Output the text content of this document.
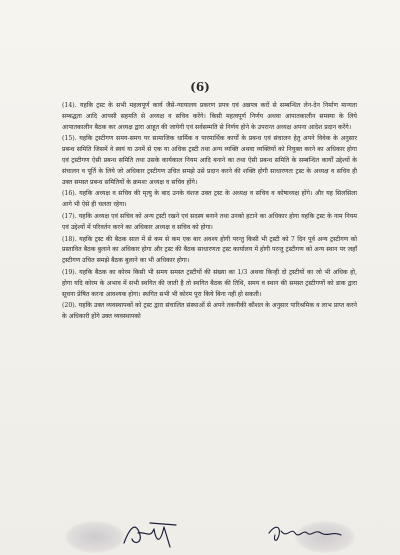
(6)

(14). यहकि ट्रस्ट के सभी महत्वपूर्ण कार्य जैसे-न्यायालय प्रकरण प्रपत्र एवं अन्नपत्र करों से सम्बन्धित लेन-देन निर्माण मान्यता सम्बद्धता आदि आपसी सहमति से अध्यक्ष व सचिव करेंगे। किसी महत्वपूर्ण निर्णय अथवा आपातकालीन समस्या के लिये आपातकालीन बैठक कर अध्यक्ष द्वारा आहूत की जायेगी एवं सर्वसम्मति से निर्णय होने के उपरान्त अध्यक्ष अपना आदेश प्रदान करेंगे।

(15). यहकि ट्रस्टीगण समय-समय पर सामाजिक धार्मिक व पारमार्थिक कार्यों के प्रबन्ध एवं संचालन हेतु अपने विवेक के अनुसार प्रबन्ध समिति जिसमें वे स्वयं या उनमें से एक या अधिक ट्रस्टी तथा अन्य व्यक्ति अथवा व्यक्तियों को नियुक्त करने का अधिकार होगा एवं ट्रस्टीगण ऐसी प्रबन्ध समिति तथा उसके कार्यकाल नियम आदि बनाने का तथा ऐसी प्रबन्ध समिति के सम्बन्धित कार्यों उद्देश्यों के संचालन व पूर्ति के लिये जो अधिकार ट्रस्टीगण उचित समझे उसे प्रदान करने की शक्ति होगी साधारणतः ट्रस्ट के अध्यक्ष व सचिव ही उक्त समस्त प्रबन्ध समितियों के क्रमशः अध्यक्ष व सचिव होंगे।

(16). यहकि अध्यक्ष व सचिव की मृत्यु के बाद उनके वंशज उक्त ट्रस्ट के अध्यक्ष व सचिव व कोषाध्यक्ष होंगे। और यह सिलसिला आगे भी ऐसे ही चलता रहेगा।

(17). यहकि अध्यक्ष एवं सचिव को अन्य ट्रस्टी रखने एवं सदस्य बनाने तथा उनको हटाने का अधिकार होगा यहकि ट्रस्ट के नाम नियम एवं उद्देश्यों में परिवर्तन करने का अधिकार अध्यक्ष व सचिव को होगा।

(18). यहकि ट्रस्ट की बैठक साल में से कम से कम एक बार अवश्य होगी परन्तु किसी भी ट्रस्टी को 7 दिन पूर्व अन्य ट्रस्टीगण को प्रस्तावित बैठक बुलाने का अधिकार होगा और ट्रस्ट की बैठक साधारणतः ट्रस्ट कार्यालय में होगी परन्तु ट्रस्टीगण को अन्य स्थान पर जहाँ ट्रस्टीगण उचित समझे बैठक बुलाने का भी अधिकार होगा।

(19). यहकि बैठक का कोरम किसी भी समय समस्त ट्रस्टीयों की संख्या का 1/3 अथवा किन्ही दो ट्रस्टीयों का जो भी अधिक हो, होगा यदि कोरम के अभाव में सभी स्थगित की जाती है तो स्थगित बैठक की तिथि, समय व स्थान की समस्त ट्रस्टीगणों को डाक द्वारा सूचना प्रेषित करना आवश्यक होगा। स्थगित सभी भी कोरम पूरा किये बिना नही हो सकती।

(20). यहकि उक्त व्यवस्थापकों को ट्रस्ट द्वारा संचालित संस्थाओं से अपने तकनीकी कौशल के अनुसार पारिश्रमिक व लाभ प्राप्त करने के अधिकारी होंगे उक्त व्यवस्थापको
